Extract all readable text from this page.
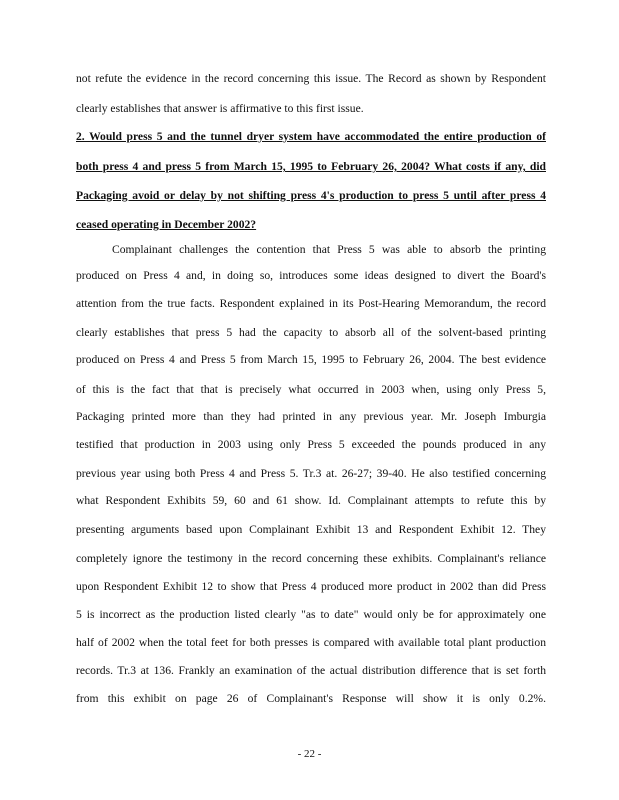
not refute the evidence in the record concerning this issue. The Record as shown by Respondent
clearly establishes that answer is affirmative to this first issue.
2. Would press 5 and the tunnel dryer system have accommodated the entire production of
both press 4 and press 5 from March 15, 1995 to February 26, 2004? What costs if any, did
Packaging avoid or delay by not shifting press 4's production to press 5 until after press 4
ceased operating in December 2002?
Complainant challenges the contention that Press 5 was able to absorb the printing
produced on Press 4 and, in doing so, introduces some ideas designed to divert the Board's
attention from the true facts. Respondent explained in its Post-Hearing Memorandum, the record
clearly establishes that press 5 had the capacity to absorb all of the solvent-based printing
produced on Press 4 and Press 5 from March 15, 1995 to February 26, 2004. The best evidence
of this is the fact that that is precisely what occurred in 2003 when, using only Press 5,
Packaging printed more than they had printed in any previous year. Mr. Joseph Imburgia
testified that production in 2003 using only Press 5 exceeded the pounds produced in any
previous year using both Press 4 and Press 5. Tr.3 at. 26-27; 39-40. He also testified concerning
what Respondent Exhibits 59, 60 and 61 show. Id. Complainant attempts to refute this by
presenting arguments based upon Complainant Exhibit 13 and Respondent Exhibit 12. They
completely ignore the testimony in the record concerning these exhibits. Complainant's reliance
upon Respondent Exhibit 12 to show that Press 4 produced more product in 2002 than did Press
5 is incorrect as the production listed clearly "as to date" would only be for approximately one
half of 2002 when the total feet for both presses is compared with available total plant production
records. Tr.3 at 136. Frankly an examination of the actual distribution difference that is set forth
from this exhibit on page 26 of Complainant's Response will show it is only 0.2%.
- 22 -
